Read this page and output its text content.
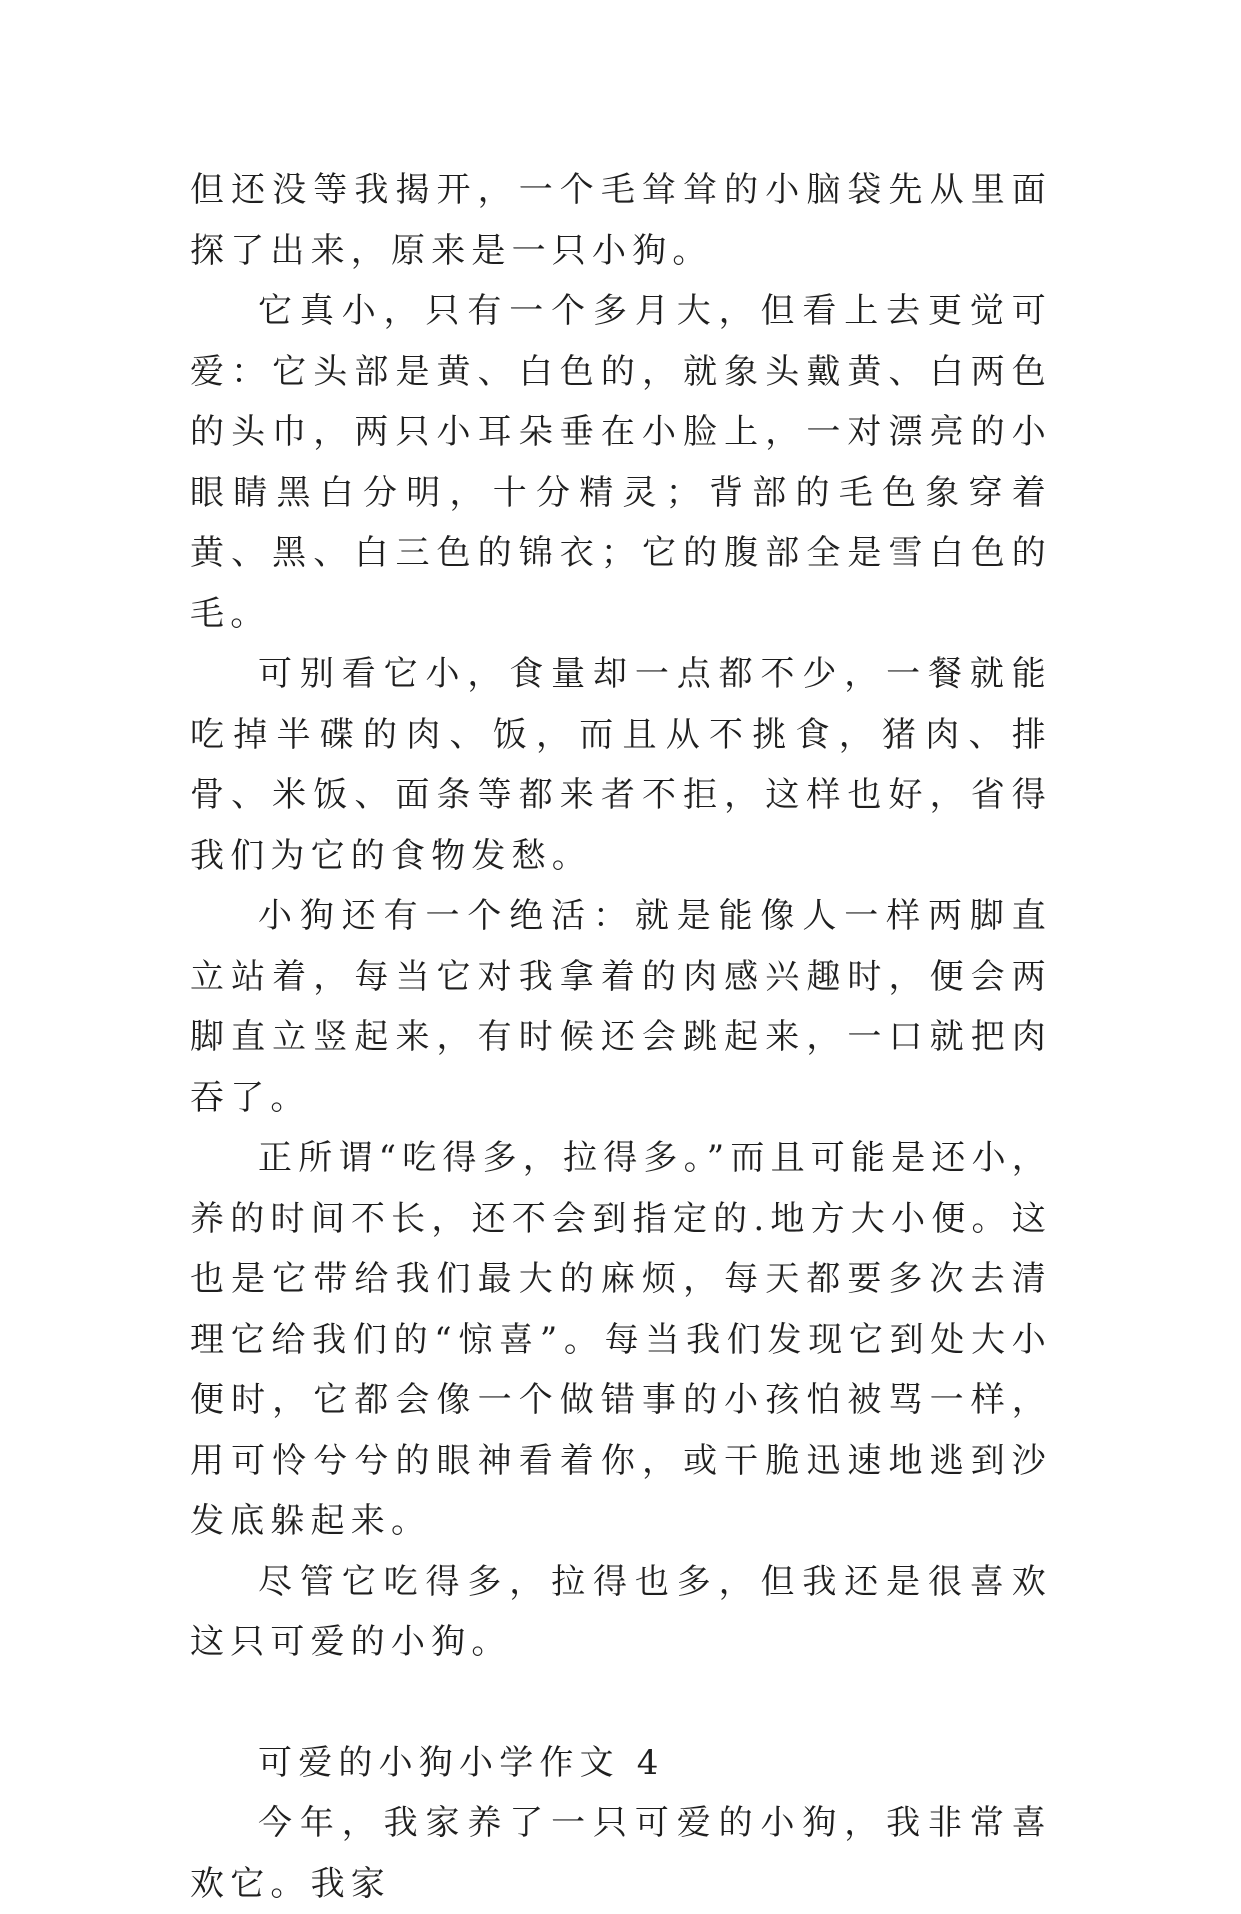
但还没等我揭开，一个毛耸耸的小脑袋先从里面探了出来，原来是一只小狗。

它真小，只有一个多月大，但看上去更觉可爱：它头部是黄、白色的，就象头戴黄、白两色的头巾，两只小耳朵垂在小脸上，一对漂亮的小眼睛黑白分明，十分精灵；背部的毛色象穿着黄、黑、白三色的锦衣；它的腹部全是雪白色的毛。

可别看它小，食量却一点都不少，一餐就能吃掉半碟的肉、饭，而且从不挑食，猪肉、排骨、米饭、面条等都来者不拒，这样也好，省得我们为它的食物发愁。

小狗还有一个绝活：就是能像人一样两脚直立站着，每当它对我拿着的肉感兴趣时，便会两脚直立竖起来，有时候还会跳起来，一口就把肉吞了。

正所谓“吃得多，拉得多。”而且可能是还小，养的时间不长，还不会到指定的.地方大小便。这也是它带给我们最大的麻烦，每天都要多次去清理它给我们的“惊喜”。每当我们发现它到处大小便时，它都会像一个做错事的小孩怕被骂一样，用可怜兮兮的眼神看着你，或干脆迅速地逃到沙发底躲起来。

尽管它吃得多，拉得也多，但我还是很喜欢这只可爱的小狗。

可爱的小狗小学作文 4

今年，我家养了一只可爱的小狗，我非常喜欢它。我家
